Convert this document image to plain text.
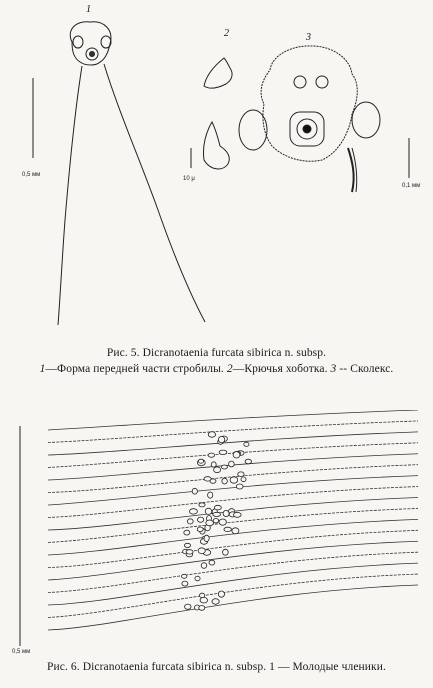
1
0,5 мм
2
10 μ
3
0,1 мм
Рис. 5. Dicranotaenia furcata sibirica n. subsp.
1—Форма передней части стробилы. 2—Крючья хоботка. 3 -- Сколекс.
0,5 мм
Рис. 6. Dicranotaenia furcata sibirica n. subsp. 1 — Молодые членики.
